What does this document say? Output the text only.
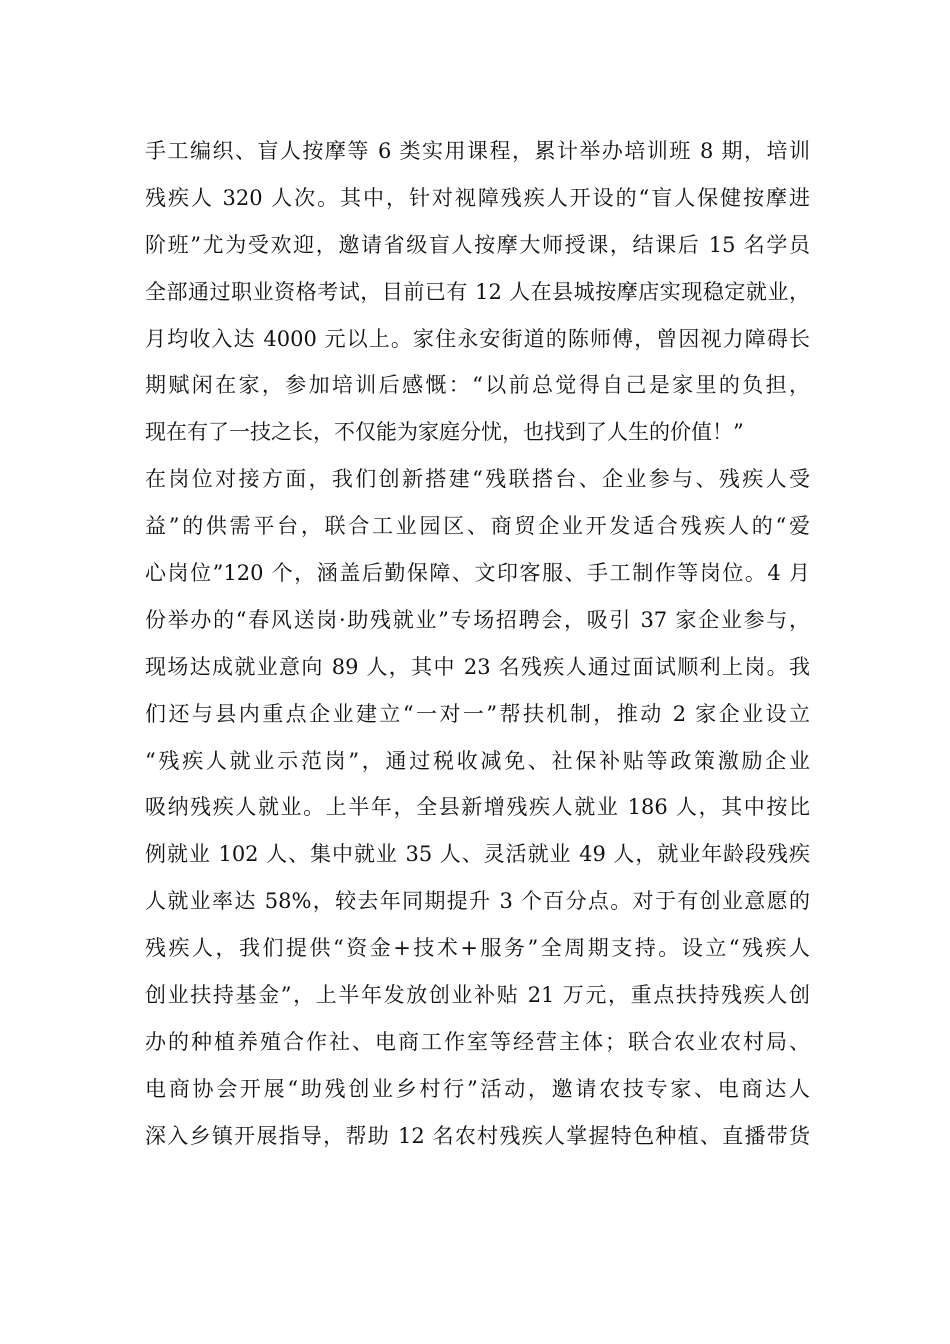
手工编织、盲人按摩等 6 类实用课程，累计举办培训班 8 期，培训
残疾人 320 人次。其中，针对视障残疾人开设的“盲人保健按摩进
阶班”尤为受欢迎，邀请省级盲人按摩大师授课，结课后 15 名学员
全部通过职业资格考试，目前已有 12 人在县城按摩店实现稳定就业，
月均收入达 4000 元以上。家住永安街道的陈师傅，曾因视力障碍长
期赋闲在家，参加培训后感慨：“以前总觉得自己是家里的负担，
现在有了一技之长，不仅能为家庭分忧，也找到了人生的价值！”
在岗位对接方面，我们创新搭建“残联搭台、企业参与、残疾人受
益”的供需平台，联合工业园区、商贸企业开发适合残疾人的“爱
心岗位”120 个，涵盖后勤保障、文印客服、手工制作等岗位。4 月
份举办的“春风送岗·助残就业”专场招聘会，吸引 37 家企业参与，
现场达成就业意向 89 人，其中 23 名残疾人通过面试顺利上岗。我
们还与县内重点企业建立“一对一”帮扶机制，推动 2 家企业设立
“残疾人就业示范岗”，通过税收减免、社保补贴等政策激励企业
吸纳残疾人就业。上半年，全县新增残疾人就业 186 人，其中按比
例就业 102 人、集中就业 35 人、灵活就业 49 人，就业年龄段残疾
人就业率达 58%，较去年同期提升 3 个百分点。对于有创业意愿的
残疾人，我们提供“资金+技术+服务”全周期支持。设立“残疾人
创业扶持基金”，上半年发放创业补贴 21 万元，重点扶持残疾人创
办的种植养殖合作社、电商工作室等经营主体；联合农业农村局、
电商协会开展“助残创业乡村行”活动，邀请农技专家、电商达人
深入乡镇开展指导，帮助 12 名农村残疾人掌握特色种植、直播带货
